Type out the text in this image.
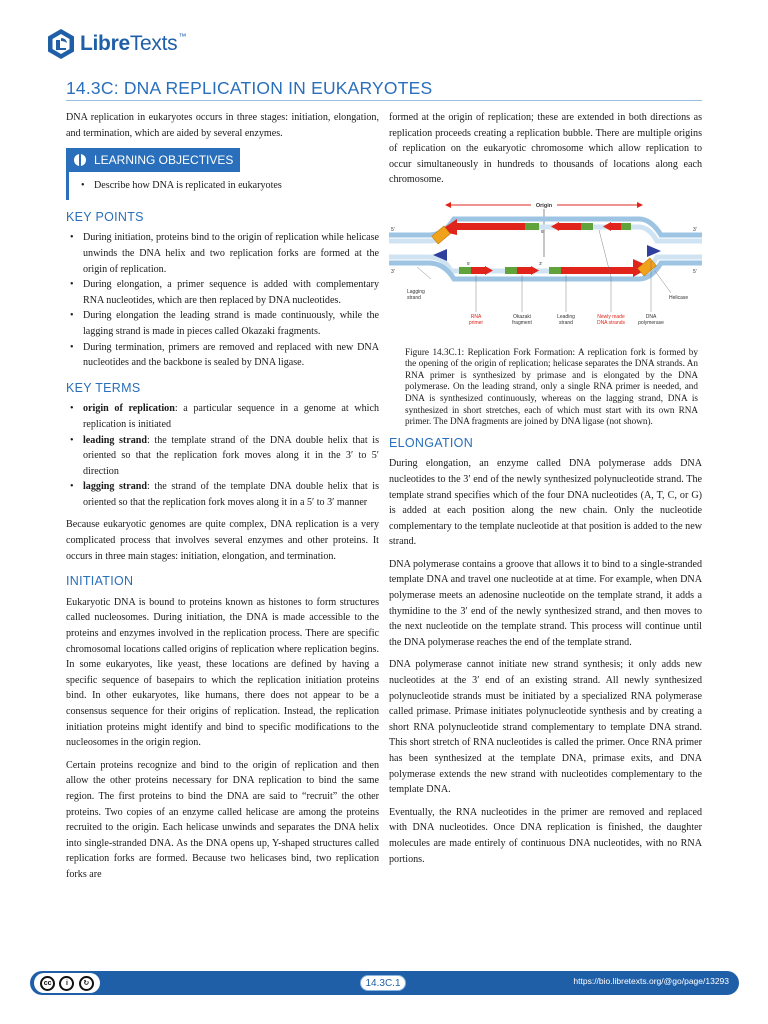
LibreTexts™
14.3C: DNA REPLICATION IN EUKARYOTES

DNA replication in eukaryotes occurs in three stages: initiation, elongation, and termination, which are aided by several enzymes.

LEARNING OBJECTIVES
• Describe how DNA is replicated in eukaryotes
KEY POINTS
• During initiation, proteins bind to the origin of replication while helicase unwinds the DNA helix and two replication forks are formed at the origin of replication.
• During elongation, a primer sequence is added with complementary RNA nucleotides, which are then replaced by DNA nucleotides.
• During elongation the leading strand is made continuously, while the lagging strand is made in pieces called Okazaki fragments.
• During termination, primers are removed and replaced with new DNA nucleotides and the backbone is sealed by DNA ligase.
KEY TERMS
• origin of replication: a particular sequence in a genome at which replication is initiated
• leading strand: the template strand of the DNA double helix that is oriented so that the replication fork moves along it in the 3′ to 5′ direction
• lagging strand: the strand of the template DNA double helix that is oriented so that the replication fork moves along it in a 5′ to 3′ manner

Because eukaryotic genomes are quite complex, DNA replication is a very complicated process that involves several enzymes and other proteins. It occurs in three main stages: initiation, elongation, and termination.

INITIATION

Eukaryotic DNA is bound to proteins known as histones to form structures called nucleosomes. During initiation, the DNA is made accessible to the proteins and enzymes involved in the replication process. There are specific chromosomal locations called origins of replication where replication begins. In some eukaryotes, like yeast, these locations are defined by having a specific sequence of basepairs to which the replication initiation proteins bind. In other eukaryotes, like humans, there does not appear to be a consensus sequence for their origins of replication. Instead, the replication initiation proteins might identify and bind to specific modifications to the nucleosomes in the origin region.

Certain proteins recognize and bind to the origin of replication and then allow the other proteins necessary for DNA replication to bind the same region. The first proteins to bind the DNA are said to “recruit” the other proteins. Two copies of an enzyme called helicase are among the proteins recruited to the origin. Each helicase unwinds and separates the DNA helix into single-stranded DNA. As the DNA opens up, Y-shaped structures called replication forks are formed. Because two helicases bind, two replication forks are

formed at the origin of replication; these are extended in both directions as replication proceeds creating a replication bubble. There are multiple origins of replication on the eukaryotic chromosome which allow replication to occur simultaneously in hundreds to thousands of locations along each chromosome.

Origin
5′	3′
3′	5′
5′
5′	3′
Lagging
strand
RNA
primer
Okazaki
fragment
Leading
strand
Newly made
DNA strands
DNA
polymerase
Helicase
Figure 14.3C.1: Replication Fork Formation: A replication fork is formed by the opening of the origin of replication; helicase separates the DNA strands. An RNA primer is synthesized by primase and is elongated by the DNA polymerase. On the leading strand, only a single RNA primer is needed, and DNA is synthesized continuously, whereas on the lagging strand, DNA is synthesized in short stretches, each of which must start with its own RNA primer. The DNA fragments are joined by DNA ligase (not shown).
ELONGATION

During elongation, an enzyme called DNA polymerase adds DNA nucleotides to the 3′ end of the newly synthesized polynucleotide strand. The template strand specifies which of the four DNA nucleotides (A, T, C, or G) is added at each position along the new chain. Only the nucleotide complementary to the template nucleotide at that position is added to the new strand.

DNA polymerase contains a groove that allows it to bind to a single-stranded template DNA and travel one nucleotide at at time. For example, when DNA polymerase meets an adenosine nucleotide on the template strand, it adds a thymidine to the 3′ end of the newly synthesized strand, and then moves to the next nucleotide on the template strand. This process will continue until the DNA polymerase reaches the end of the template strand.

DNA polymerase cannot initiate new strand synthesis; it only adds new nucleotides at the 3′ end of an existing strand. All newly synthesized polynucleotide strands must be initiated by a specialized RNA polymerase called primase. Primase initiates polynucleotide synthesis and by creating a short RNA polynucleotide strand complementary to template DNA strand. This short stretch of RNA nucleotides is called the primer. Once RNA primer has been synthesized at the template DNA, primase exits, and DNA polymerase extends the new strand with nucleotides complementary to the template DNA.

Eventually, the RNA nucleotides in the primer are removed and replaced with DNA nucleotides. Once DNA replication is finished, the daughter molecules are made entirely of continuous DNA nucleotides, with no RNA portions.

cc	i	↻	14.3C.1	https://bio.libretexts.org/@go/page/13293
